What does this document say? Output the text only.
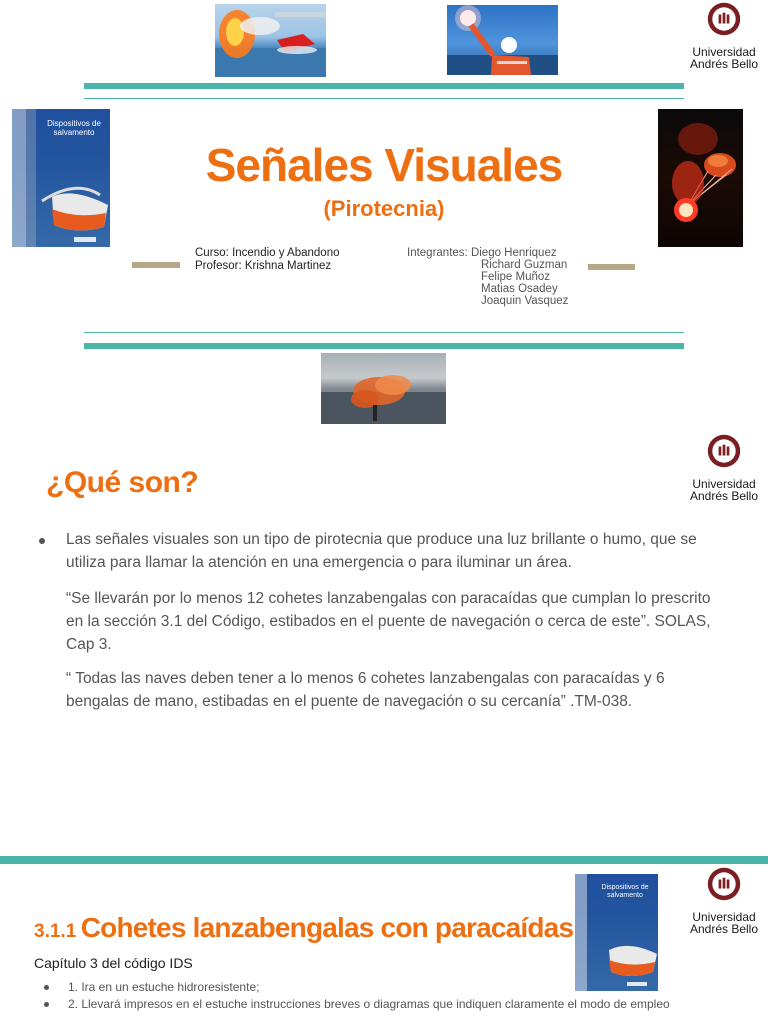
Universidad
Andrés Bello
Dispositivos de salvamento
Señales Visuales
(Pirotecnia)
Curso: Incendio y Abandono
Profesor: Krishna Martinez
Integrantes: Diego Henriquez
Richard Guzman
Felipe Muñoz
Matias Osadey
Joaquin Vasquez
¿Qué son?	Universidad
Andrés Bello
Las señales visuales son un tipo de pirotecnia que produce una luz brillante o humo, que se utiliza para llamar la atención en una emergencia o para iluminar un área.
“Se llevarán por lo menos 12 cohetes lanzabengalas con paracaídas que cumplan lo prescrito en la sección 3.1 del Código, estibados en el puente de navegación o cerca de este”. SOLAS, Cap 3.
“ Todas las naves deben tener a lo menos 6 cohetes lanzabengalas con paracaídas y 6 bengalas de mano, estibadas en el puente de navegación o su cercanía” .TM-038.
3.1.1 Cohetes lanzabengalas con paracaídas
Capítulo 3 del código IDS
1. Ira en un estuche hidroresistente;
2. Llevará impresos en el estuche instrucciones breves o diagramas que indiquen claramente el modo de empleo
Dispositivos de salvamento
Universidad
Andrés Bello
